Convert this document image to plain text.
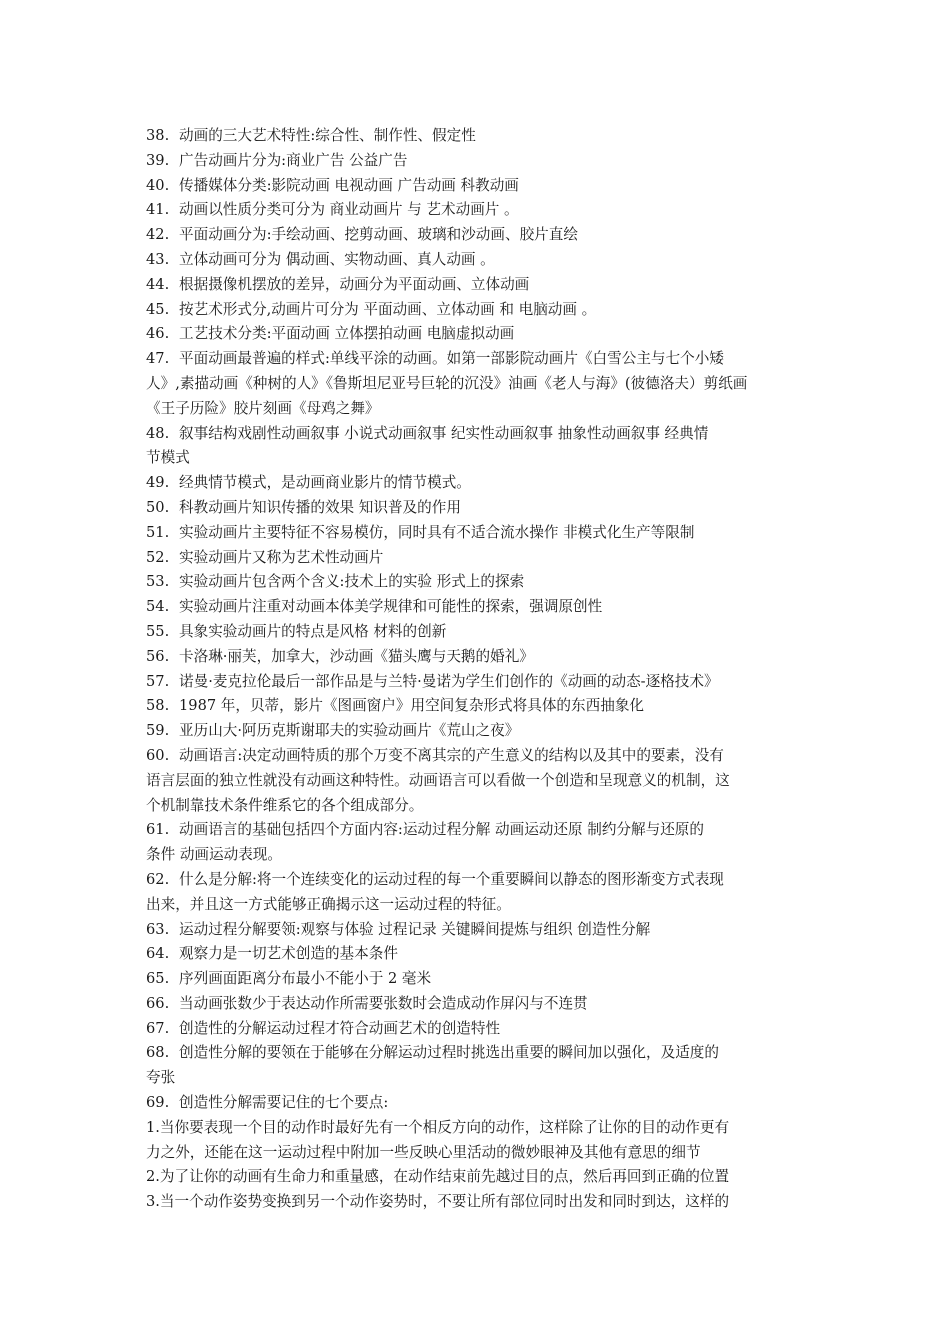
38. 动画的三大艺术特性:综合性、制作性、假定性
39. 广告动画片分为:商业广告 公益广告
40. 传播媒体分类:影院动画 电视动画 广告动画 科教动画
41. 动画以性质分类可分为 商业动画片 与 艺术动画片 。
42. 平面动画分为:手绘动画、挖剪动画、玻璃和沙动画、胶片直绘
43. 立体动画可分为 偶动画、实物动画、真人动画 。
44. 根据摄像机摆放的差异，动画分为平面动画、立体动画
45. 按艺术形式分,动画片可分为 平面动画、立体动画 和 电脑动画 。
46. 工艺技术分类:平面动画 立体摆拍动画 电脑虚拟动画
47. 平面动画最普遍的样式:单线平涂的动画。如第一部影院动画片《白雪公主与七个小矮
人》,素描动画《种树的人》《鲁斯坦尼亚号巨轮的沉没》油画《老人与海》(彼德洛夫）剪纸画
《王子历险》胶片刻画《母鸡之舞》
48. 叙事结构戏剧性动画叙事 小说式动画叙事 纪实性动画叙事 抽象性动画叙事 经典情
节模式
49. 经典情节模式，是动画商业影片的情节模式。
50. 科教动画片知识传播的效果 知识普及的作用
51. 实验动画片主要特征不容易模仿，同时具有不适合流水操作 非模式化生产等限制
52. 实验动画片又称为艺术性动画片
53. 实验动画片包含两个含义:技术上的实验 形式上的探索
54. 实验动画片注重对动画本体美学规律和可能性的探索，强调原创性
55. 具象实验动画片的特点是风格 材料的创新
56. 卡洛琳·丽芙，加拿大，沙动画《猫头鹰与天鹅的婚礼》
57. 诺曼·麦克拉伦最后一部作品是与兰特·曼诺为学生们创作的《动画的动态-逐格技术》
58. 1987 年，贝蒂，影片《图画窗户》用空间复杂形式将具体的东西抽象化
59. 亚历山大·阿历克斯谢耶夫的实验动画片《荒山之夜》
60. 动画语言:决定动画特质的那个万变不离其宗的产生意义的结构以及其中的要素，没有
语言层面的独立性就没有动画这种特性。动画语言可以看做一个创造和呈现意义的机制，这
个机制靠技术条件维系它的各个组成部分。
61. 动画语言的基础包括四个方面内容:运动过程分解 动画运动还原 制约分解与还原的
条件 动画运动表现。
62. 什么是分解:将一个连续变化的运动过程的每一个重要瞬间以静态的图形渐变方式表现
出来，并且这一方式能够正确揭示这一运动过程的特征。
63. 运动过程分解要领:观察与体验 过程记录 关键瞬间提炼与组织 创造性分解
64. 观察力是一切艺术创造的基本条件
65. 序列画面距离分布最小不能小于 2 毫米
66. 当动画张数少于表达动作所需要张数时会造成动作屏闪与不连贯
67. 创造性的分解运动过程才符合动画艺术的创造特性
68. 创造性分解的要领在于能够在分解运动过程时挑选出重要的瞬间加以强化，及适度的
夸张
69. 创造性分解需要记住的七个要点:
1.当你要表现一个目的动作时最好先有一个相反方向的动作，这样除了让你的目的动作更有
力之外，还能在这一运动过程中附加一些反映心里活动的微妙眼神及其他有意思的细节
2.为了让你的动画有生命力和重量感，在动作结束前先越过目的点，然后再回到正确的位置
3.当一个动作姿势变换到另一个动作姿势时，不要让所有部位同时出发和同时到达，这样的
